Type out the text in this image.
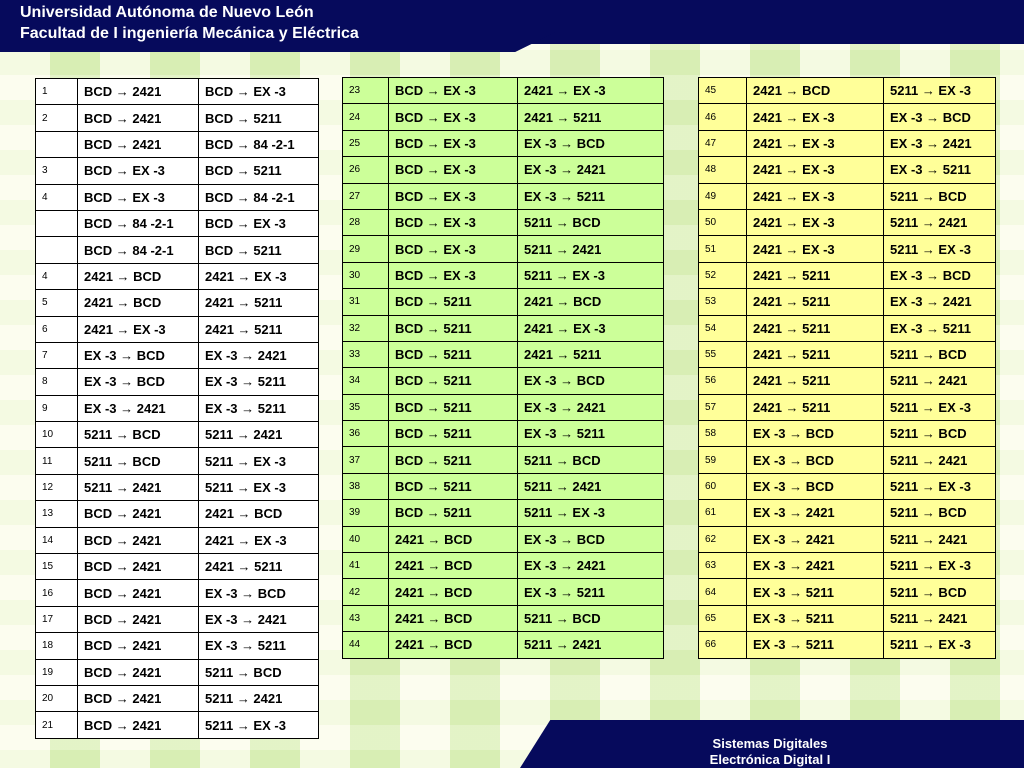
Universidad Autónoma de Nuevo León
Facultad de I ingeniería Mecánica y Eléctrica
1	BCD → 2421	BCD → EX -3
2	BCD → 2421	BCD → 5211
	BCD → 2421	BCD → 84 -2-1
3	BCD → EX -3	BCD → 5211
4	BCD → EX -3	BCD → 84 -2-1
	BCD → 84 -2-1	BCD → EX -3
	BCD → 84 -2-1	BCD → 5211
4	2421 → BCD	2421 → EX -3
5	2421 → BCD	2421 → 5211
6	2421 → EX -3	2421 → 5211
7	EX -3 → BCD	EX -3 → 2421
8	EX -3 → BCD	EX -3 → 5211
9	EX -3 → 2421	EX -3 → 5211
10	5211 → BCD	5211 → 2421
11	5211 → BCD	5211 → EX -3
12	5211 → 2421	5211 → EX -3
13	BCD → 2421	2421 → BCD
14	BCD → 2421	2421 → EX -3
15	BCD → 2421	2421 → 5211
16	BCD → 2421	EX -3 → BCD
17	BCD → 2421	EX -3 → 2421
18	BCD → 2421	EX -3 → 5211
19	BCD → 2421	5211 → BCD
20	BCD → 2421	5211 → 2421
21	BCD → 2421	5211 → EX -3
23	BCD → EX -3	2421 → EX -3
24	BCD → EX -3	2421 → 5211
25	BCD → EX -3	EX -3 → BCD
26	BCD → EX -3	EX -3 → 2421
27	BCD → EX -3	EX -3 → 5211
28	BCD → EX -3	5211 → BCD
29	BCD → EX -3	5211 → 2421
30	BCD → EX -3	5211 → EX -3
31	BCD → 5211	2421 → BCD
32	BCD → 5211	2421 → EX -3
33	BCD → 5211	2421 → 5211
34	BCD → 5211	EX -3 → BCD
35	BCD → 5211	EX -3 → 2421
36	BCD → 5211	EX -3 → 5211
37	BCD → 5211	5211 → BCD
38	BCD → 5211	5211 → 2421
39	BCD → 5211	5211 → EX -3
40	2421 → BCD	EX -3 → BCD
41	2421 → BCD	EX -3 → 2421
42	2421 → BCD	EX -3 → 5211
43	2421 → BCD	5211 → BCD
44	2421 → BCD	5211 → 2421
45	2421 → BCD	5211 → EX -3
46	2421 → EX -3	EX -3 → BCD
47	2421 → EX -3	EX -3 → 2421
48	2421 → EX -3	EX -3 → 5211
49	2421 → EX -3	5211 → BCD
50	2421 → EX -3	5211 → 2421
51	2421 → EX -3	5211 → EX -3
52	2421 → 5211	EX -3 → BCD
53	2421 → 5211	EX -3 → 2421
54	2421 → 5211	EX -3 → 5211
55	2421 → 5211	5211 → BCD
56	2421 → 5211	5211 → 2421
57	2421 → 5211	5211 → EX -3
58	EX -3 → BCD	5211 → BCD
59	EX -3 → BCD	5211 → 2421
60	EX -3 → BCD	5211 → EX -3
61	EX -3 → 2421	5211 → BCD
62	EX -3 → 2421	5211 → 2421
63	EX -3 → 2421	5211 → EX -3
64	EX -3 → 5211	5211 → BCD
65	EX -3 → 5211	5211 → 2421
66	EX -3 → 5211	5211 → EX -3
Sistemas Digitales
Electrónica Digital I
